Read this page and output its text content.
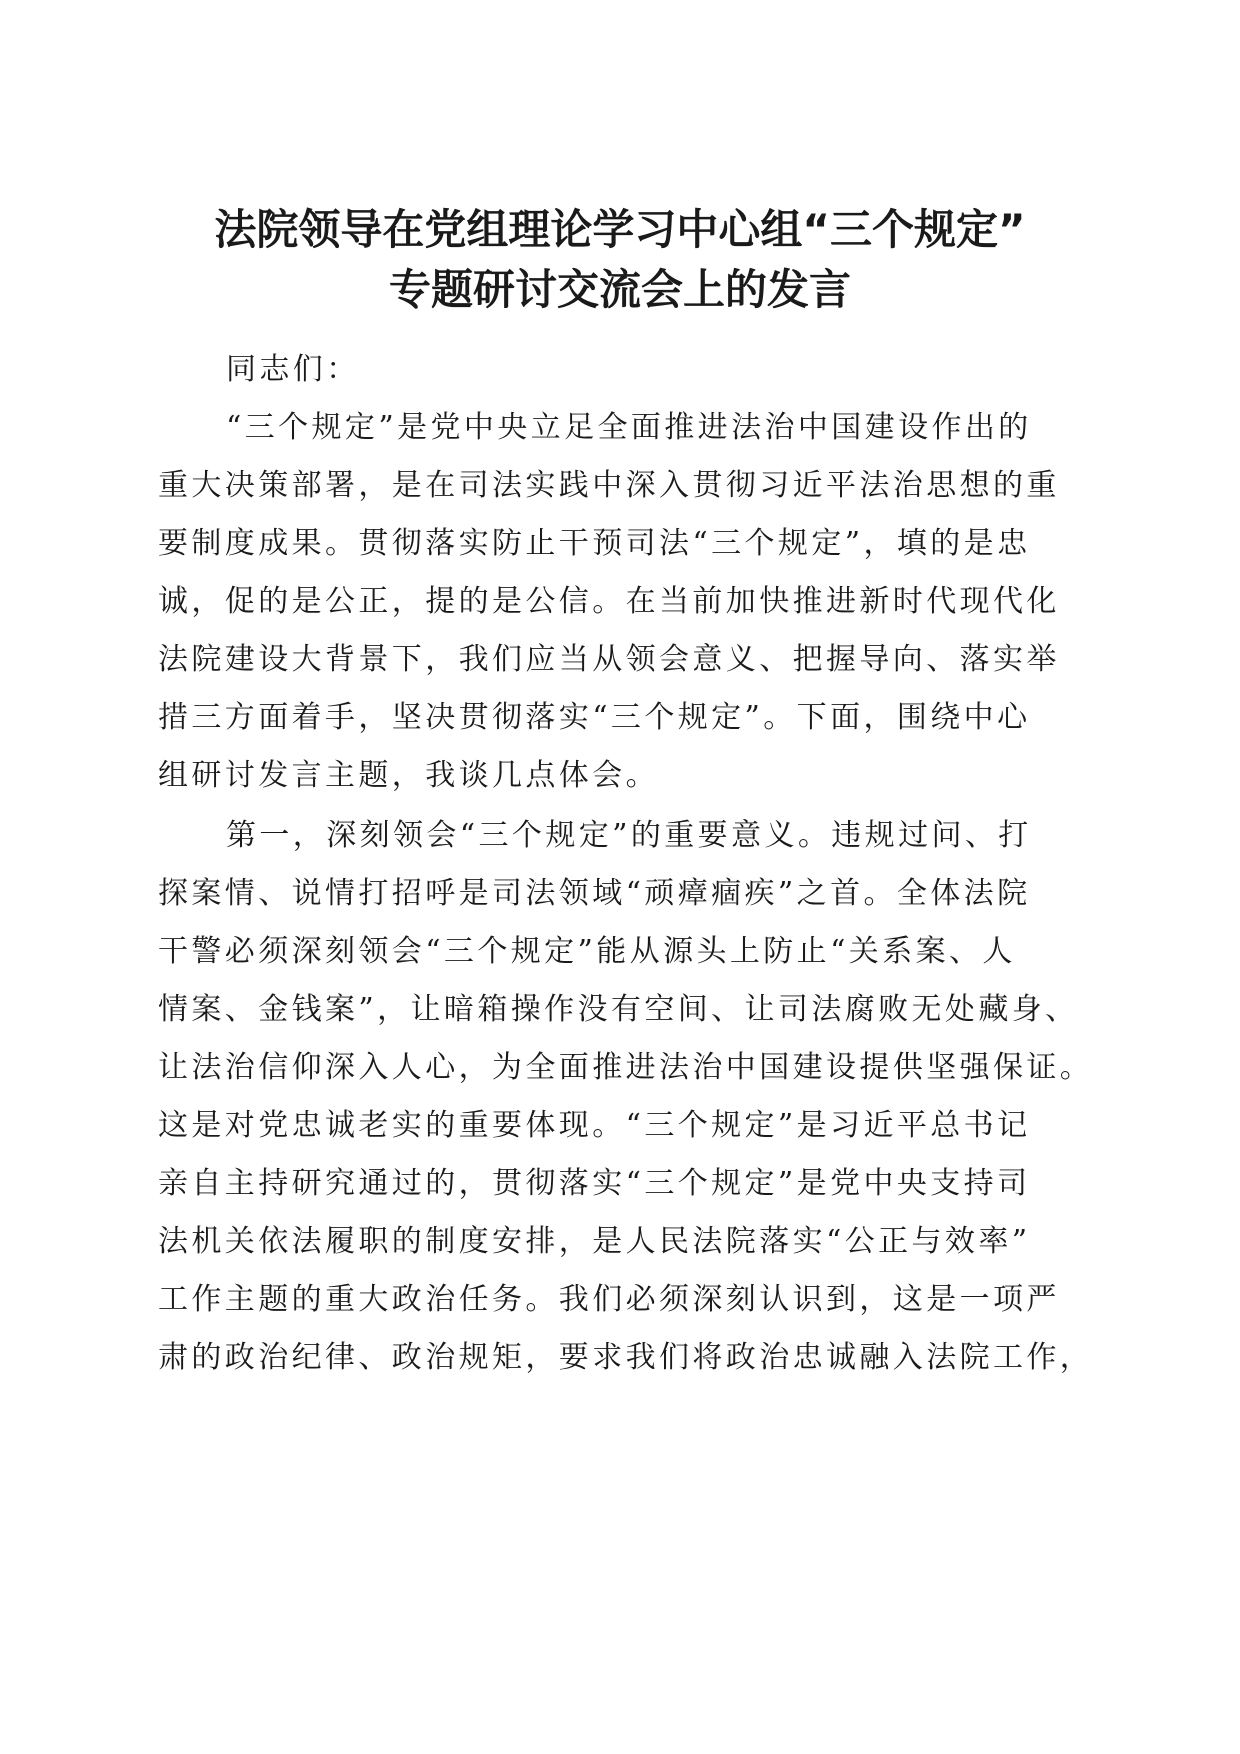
法院领导在党组理论学习中心组“三个规定”
专题研讨交流会上的发言

同志们：

“三个规定”是党中央立足全面推进法治中国建设作出的

重大决策部署，是在司法实践中深入贯彻习近平法治思想的重

要制度成果。贯彻落实防止干预司法“三个规定”，填的是忠

诚，促的是公正，提的是公信。在当前加快推进新时代现代化

法院建设大背景下，我们应当从领会意义、把握导向、落实举

措三方面着手，坚决贯彻落实“三个规定”。下面，围绕中心

组研讨发言主题，我谈几点体会。

第一，深刻领会“三个规定”的重要意义。违规过问、打

探案情、说情打招呼是司法领域“顽瘴痼疾”之首。全体法院

干警必须深刻领会“三个规定”能从源头上防止“关系案、人

情案、金钱案”，让暗箱操作没有空间、让司法腐败无处藏身、

让法治信仰深入人心，为全面推进法治中国建设提供坚强保证。

这是对党忠诚老实的重要体现。“三个规定”是习近平总书记

亲自主持研究通过的，贯彻落实“三个规定”是党中央支持司

法机关依法履职的制度安排，是人民法院落实“公正与效率”

工作主题的重大政治任务。我们必须深刻认识到，这是一项严

肃的政治纪律、政治规矩，要求我们将政治忠诚融入法院工作，
